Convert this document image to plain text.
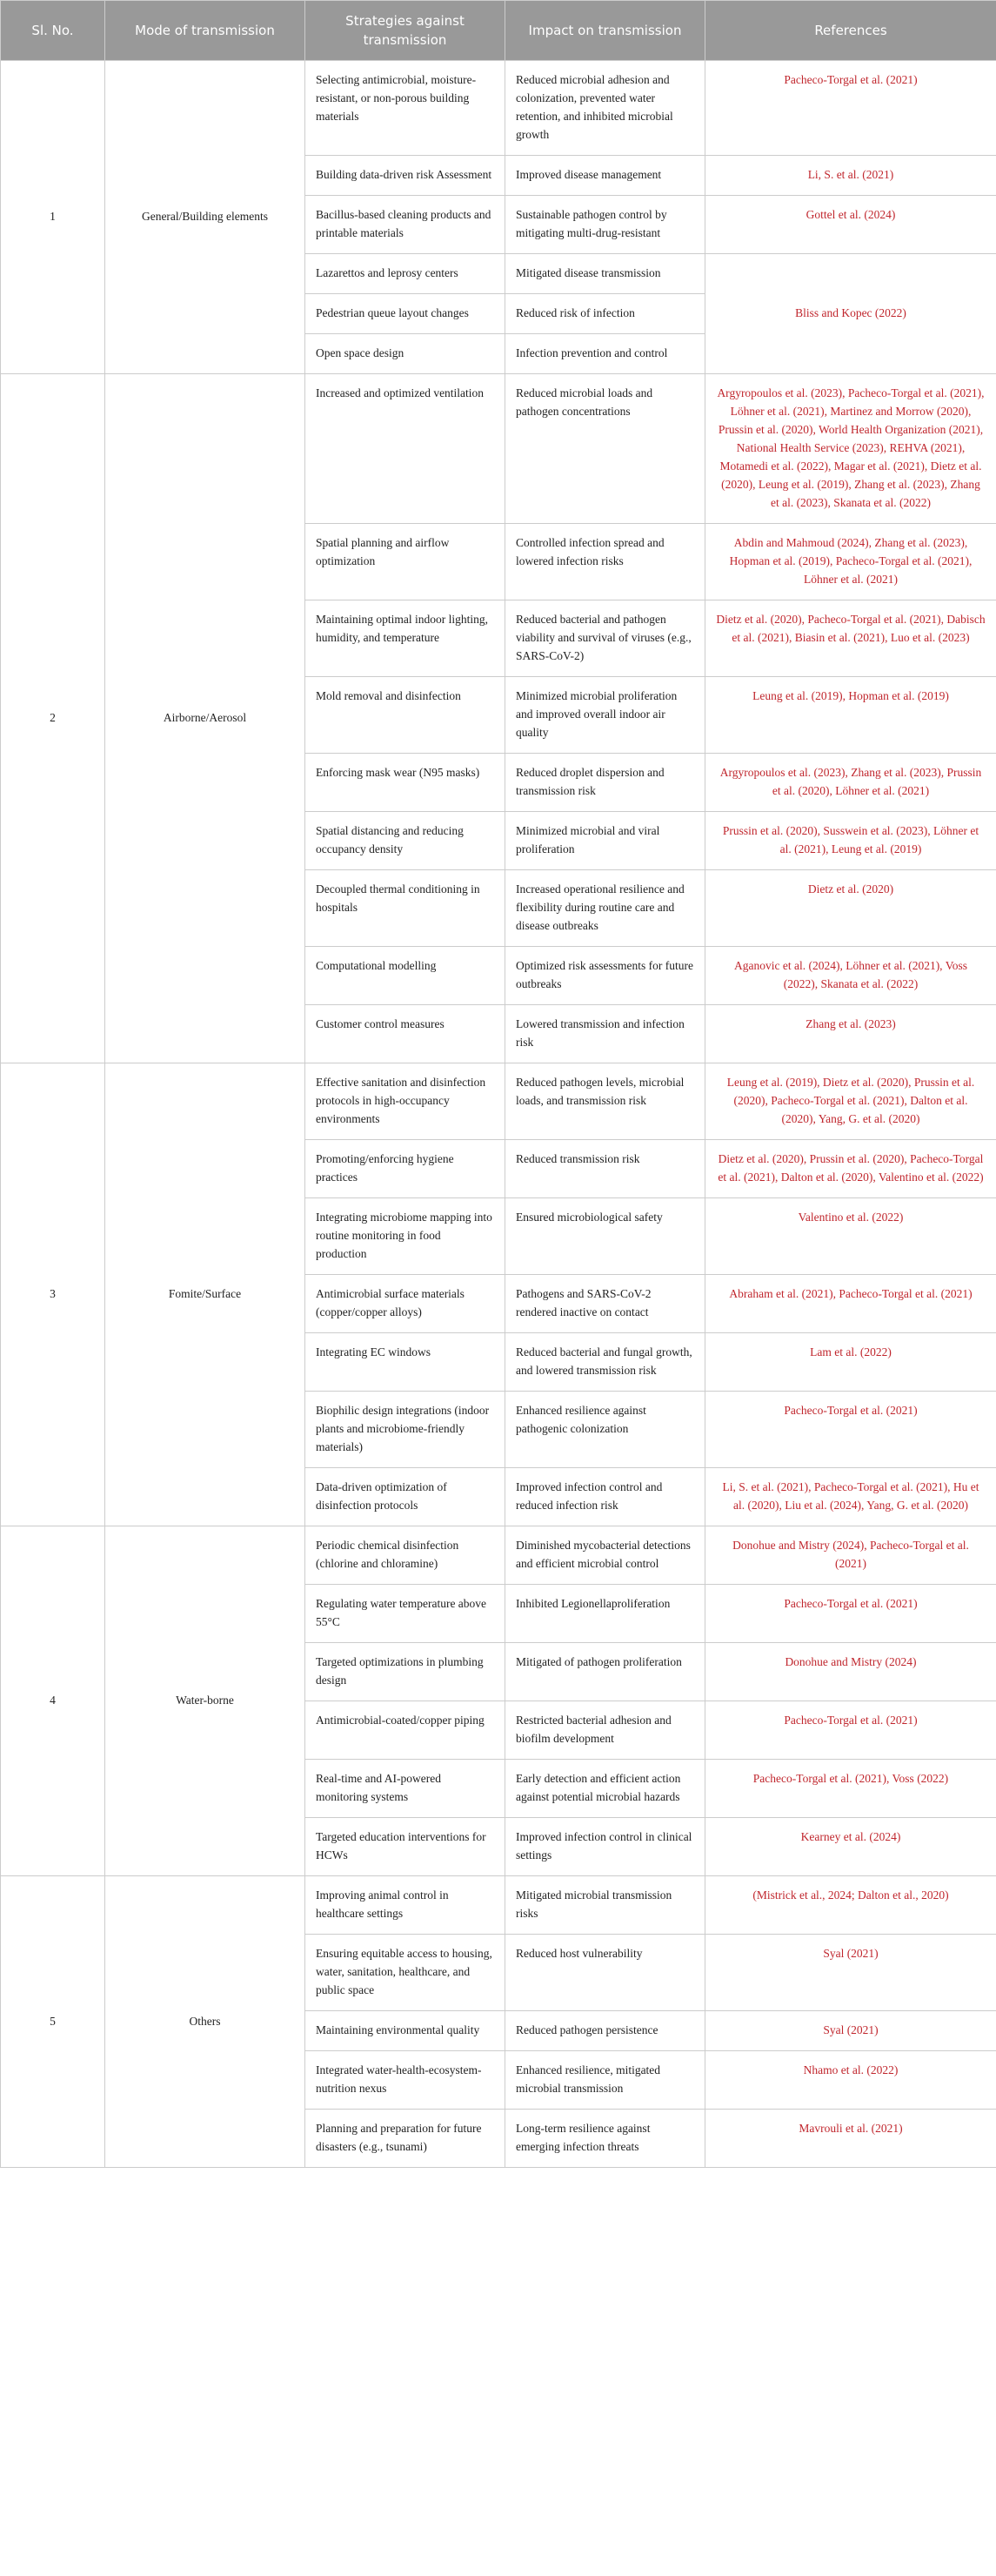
Sl. No.	Mode of transmission	Strategies against transmission	Impact on transmission	References
1	General/Building elements	Selecting antimicrobial, moisture-resistant, or non-porous building materials	Reduced microbial adhesion and colonization, prevented water retention, and inhibited microbial growth	Pacheco-Torgal et al. (2021)
		Building data-driven risk Assessment	Improved disease management	Li, S. et al. (2021)
		Bacillus-based cleaning products and printable materials	Sustainable pathogen control by mitigating multi-drug-resistant	Gottel et al. (2024)
		Lazarettos and leprosy centers	Mitigated disease transmission	Bliss and Kopec (2022)
		Pedestrian queue layout changes	Reduced risk of infection	
		Open space design	Infection prevention and control	
2	Airborne/Aerosol	Increased and optimized ventilation	Reduced microbial loads and pathogen concentrations	Argyropoulos et al. (2023), Pacheco-Torgal et al. (2021), Löhner et al. (2021), Martinez and Morrow (2020), Prussin et al. (2020), World Health Organization (2021), National Health Service (2023), REHVA (2021), Motamedi et al. (2022), Magar et al. (2021), Dietz et al. (2020), Leung et al. (2019), Zhang et al. (2023), Zhang et al. (2023), Skanata et al. (2022)
		Spatial planning and airflow optimization	Controlled infection spread and lowered infection risks	Abdin and Mahmoud (2024), Zhang et al. (2023), Hopman et al. (2019), Pacheco-Torgal et al. (2021), Löhner et al. (2021)
		Maintaining optimal indoor lighting, humidity, and temperature	Reduced bacterial and pathogen viability and survival of viruses (e.g., SARS-CoV-2)	Dietz et al. (2020), Pacheco-Torgal et al. (2021), Dabisch et al. (2021), Biasin et al. (2021), Luo et al. (2023)
		Mold removal and disinfection	Minimized microbial proliferation and improved overall indoor air quality	Leung et al. (2019), Hopman et al. (2019)
		Enforcing mask wear (N95 masks)	Reduced droplet dispersion and transmission risk	Argyropoulos et al. (2023), Zhang et al. (2023), Prussin et al. (2020), Löhner et al. (2021)
		Spatial distancing and reducing occupancy density	Minimized microbial and viral proliferation	Prussin et al. (2020), Susswein et al. (2023), Löhner et al. (2021), Leung et al. (2019)
		Decoupled thermal conditioning in hospitals	Increased operational resilience and flexibility during routine care and disease outbreaks	Dietz et al. (2020)
		Computational modelling	Optimized risk assessments for future outbreaks	Aganovic et al. (2024), Löhner et al. (2021), Voss (2022), Skanata et al. (2022)
		Customer control measures	Lowered transmission and infection risk	Zhang et al. (2023)
3	Fomite/Surface	Effective sanitation and disinfection protocols in high-occupancy environments	Reduced pathogen levels, microbial loads, and transmission risk	Leung et al. (2019), Dietz et al. (2020), Prussin et al. (2020), Pacheco-Torgal et al. (2021), Dalton et al. (2020), Yang, G. et al. (2020)
		Promoting/enforcing hygiene practices	Reduced transmission risk	Dietz et al. (2020), Prussin et al. (2020), Pacheco-Torgal et al. (2021), Dalton et al. (2020), Valentino et al. (2022)
		Integrating microbiome mapping into routine monitoring in food production	Ensured microbiological safety	Valentino et al. (2022)
		Antimicrobial surface materials (copper/copper alloys)	Pathogens and SARS-CoV-2 rendered inactive on contact	Abraham et al. (2021), Pacheco-Torgal et al. (2021)
		Integrating EC windows	Reduced bacterial and fungal growth, and lowered transmission risk	Lam et al. (2022)
		Biophilic design integrations (indoor plants and microbiome-friendly materials)	Enhanced resilience against pathogenic colonization	Pacheco-Torgal et al. (2021)
		Data-driven optimization of disinfection protocols	Improved infection control and reduced infection risk	Li, S. et al. (2021), Pacheco-Torgal et al. (2021), Hu et al. (2020), Liu et al. (2024), Yang, G. et al. (2020)
4	Water-borne	Periodic chemical disinfection (chlorine and chloramine)	Diminished mycobacterial detections and efficient microbial control	Donohue and Mistry (2024), Pacheco-Torgal et al. (2021)
		Regulating water temperature above 55°C	Inhibited Legionellaproliferation	Pacheco-Torgal et al. (2021)
		Targeted optimizations in plumbing design	Mitigated of pathogen proliferation	Donohue and Mistry (2024)
		Antimicrobial-coated/copper piping	Restricted bacterial adhesion and biofilm development	Pacheco-Torgal et al. (2021)
		Real-time and AI-powered monitoring systems	Early detection and efficient action against potential microbial hazards	Pacheco-Torgal et al. (2021), Voss (2022)
		Targeted education interventions for HCWs	Improved infection control in clinical settings	Kearney et al. (2024)
5	Others	Improving animal control in healthcare settings	Mitigated microbial transmission risks	(Mistrick et al., 2024; Dalton et al., 2020)
		Ensuring equitable access to housing, water, sanitation, healthcare, and public space	Reduced host vulnerability	Syal (2021)
		Maintaining environmental quality	Reduced pathogen persistence	Syal (2021)
		Integrated water-health-ecosystem-nutrition nexus	Enhanced resilience, mitigated microbial transmission	Nhamo et al. (2022)
		Planning and preparation for future disasters (e.g., tsunami)	Long-term resilience against emerging infection threats	Mavrouli et al. (2021)
